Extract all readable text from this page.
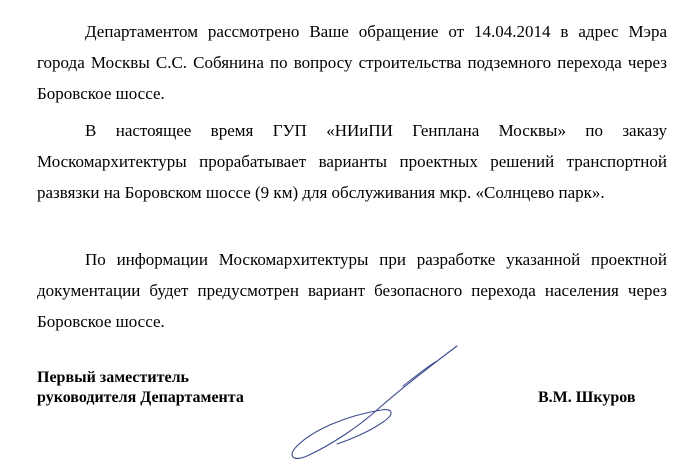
Департаментом рассмотрено Ваше обращение от 14.04.2014 в адрес Мэра города Москвы С.С. Собянина по вопросу строительства подземного перехода через Боровское шоссе.

В настоящее время ГУП «НИиПИ Генплана Москвы» по заказу Москомархитектуры прорабатывает варианты проектных решений транспортной развязки на Боровском шоссе (9 км) для обслуживания мкр. «Солнцево парк».

По информации Москомархитектуры при разработке указанной проектной документации будет предусмотрен вариант безопасного перехода населения через Боровское шоссе.

Первый заместитель
руководителя Департамента	В.М. Шкуров
